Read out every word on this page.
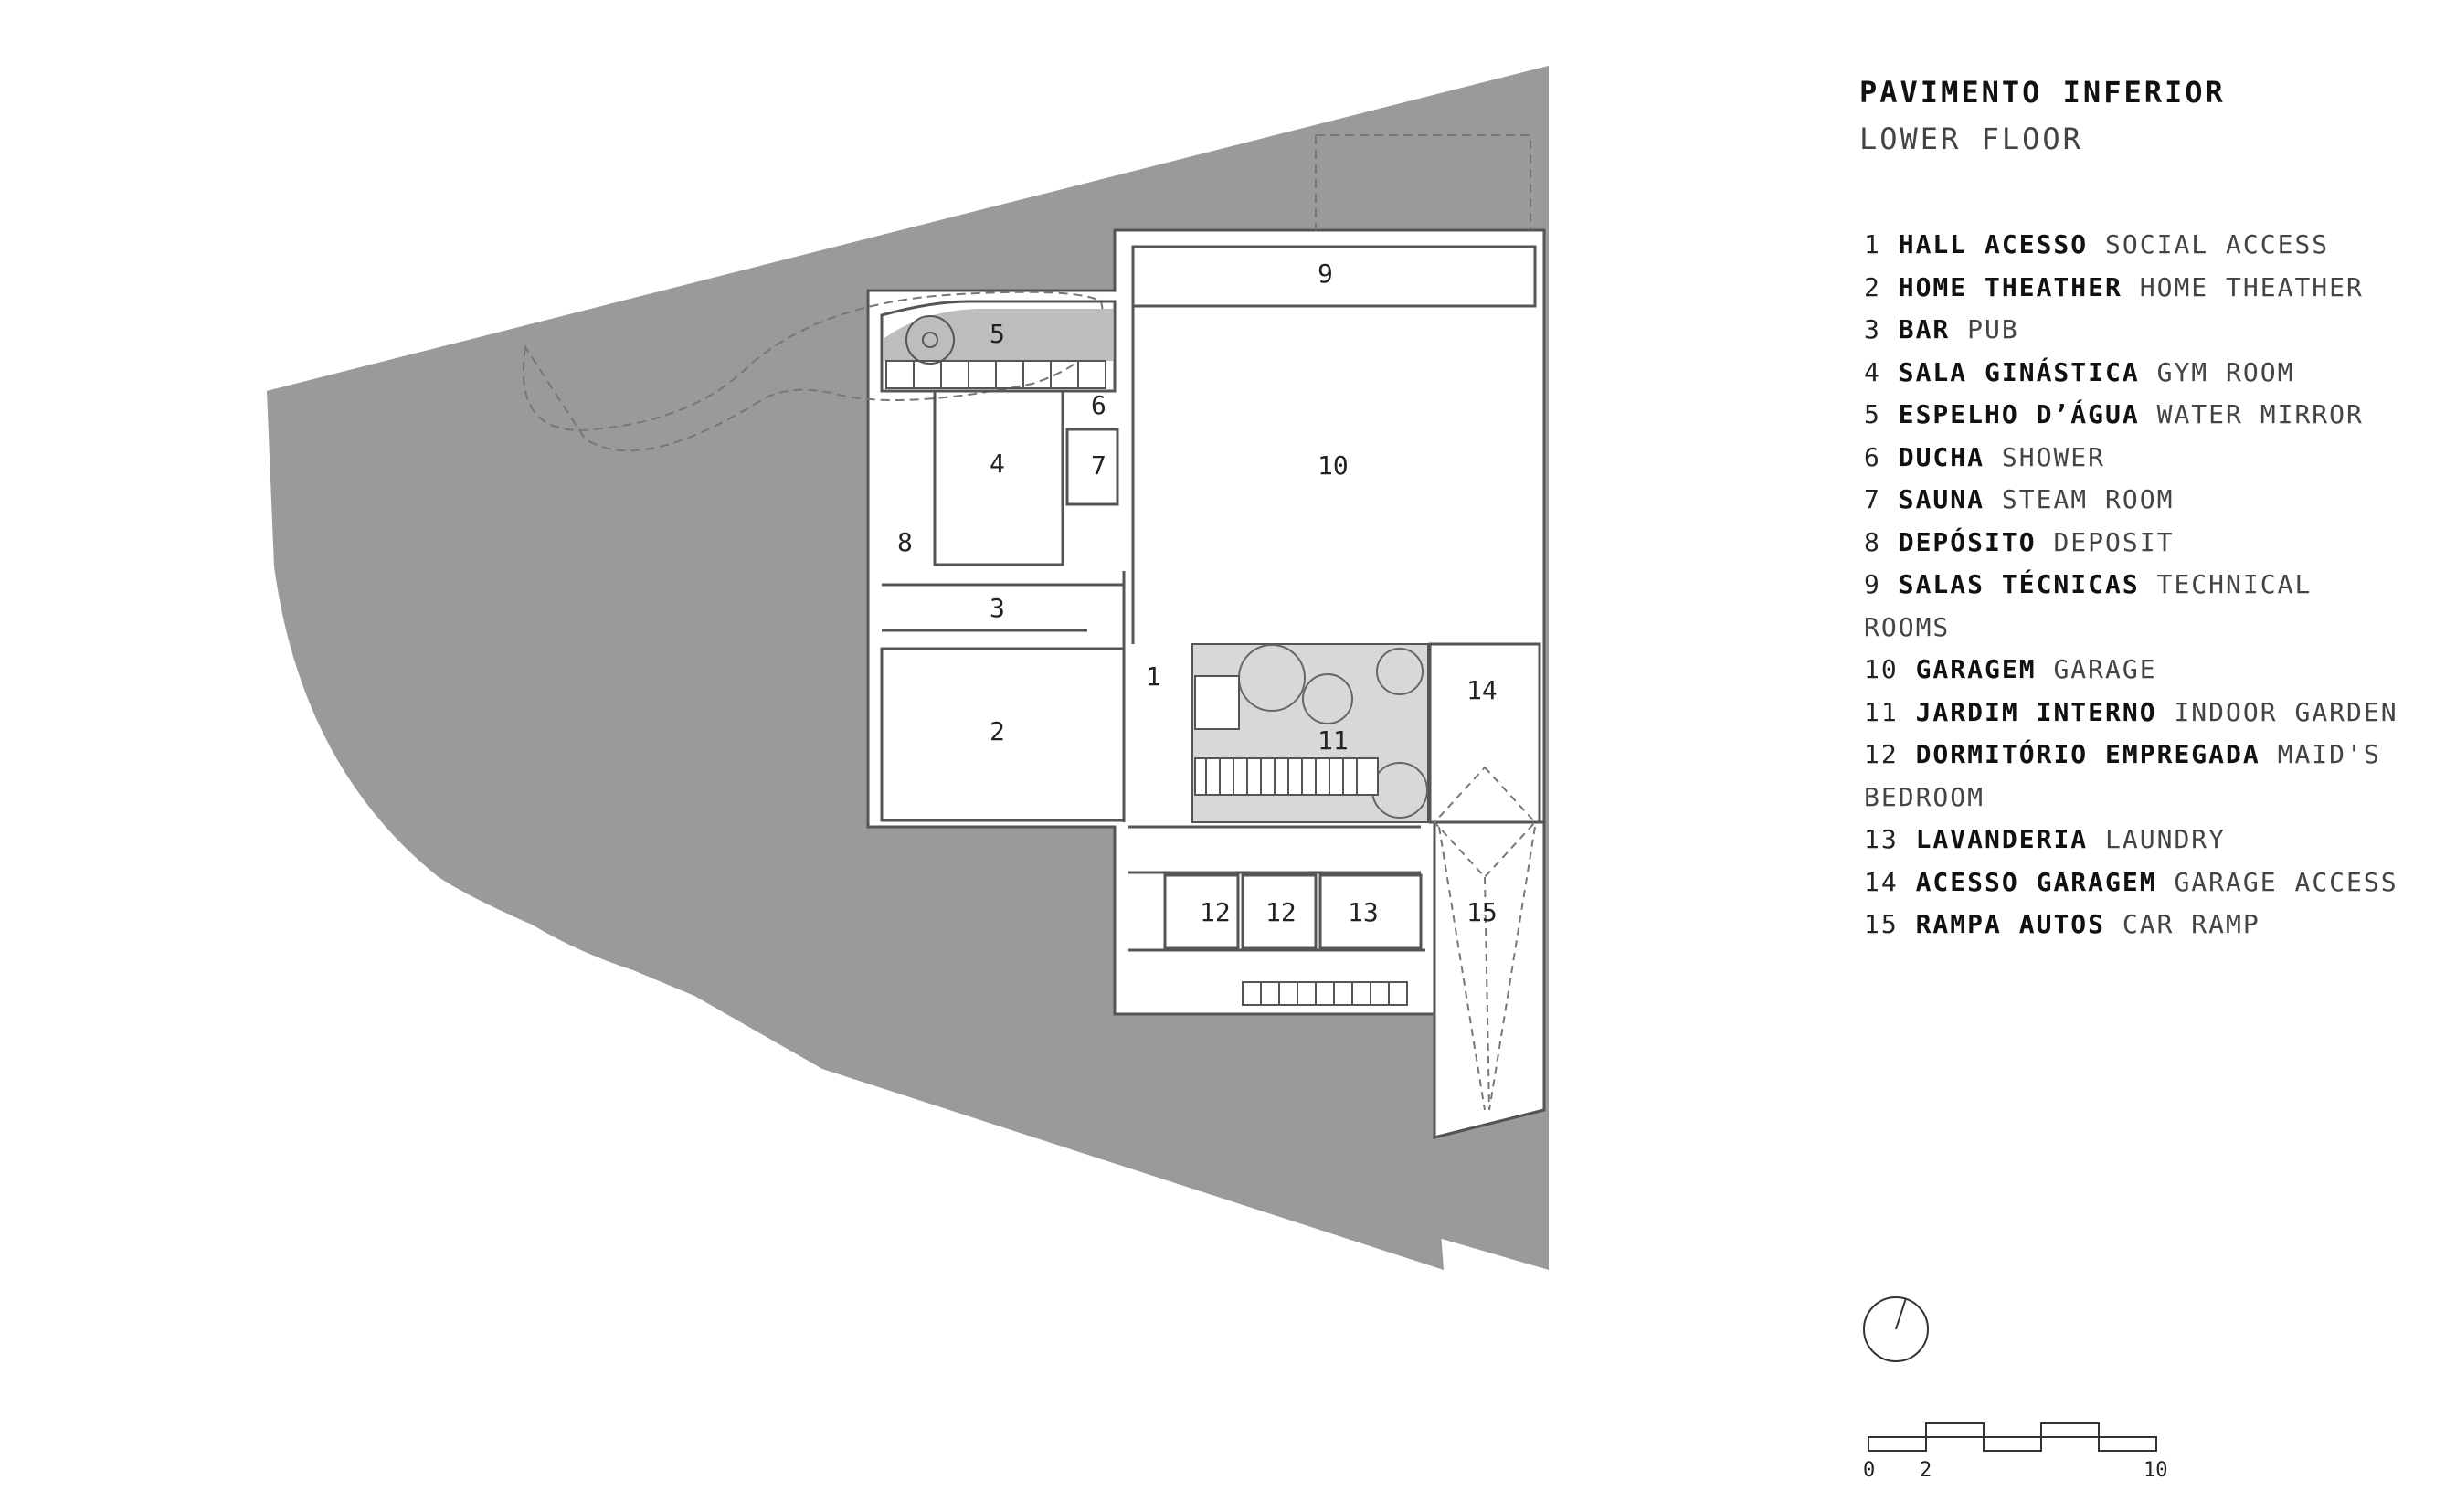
1
2
3
4
5
6
7
8
9
10
11
12 12 13
14
15
PAVIMENTO INFERIOR
LOWER FLOOR
1 HALL ACESSO SOCIAL ACCESS
2 HOME THEATHER HOME THEATHER
3 BAR PUB
4 SALA GINÁSTICA GYM ROOM
5 ESPELHO D’ÁGUA WATER MIRROR
6 DUCHA SHOWER
7 SAUNA STEAM ROOM
8 DEPÓSITO DEPOSIT
9 SALAS TÉCNICAS TECHNICAL ROOMS
10 GARAGEM GARAGE
11 JARDIM INTERNO INDOOR GARDEN
12 DORMITÓRIO EMPREGADA MAID'S BEDROOM
13 LAVANDERIA LAUNDRY
14 ACESSO GARAGEM GARAGE ACCESS
15 RAMPA AUTOS CAR RAMP
0 2	10
